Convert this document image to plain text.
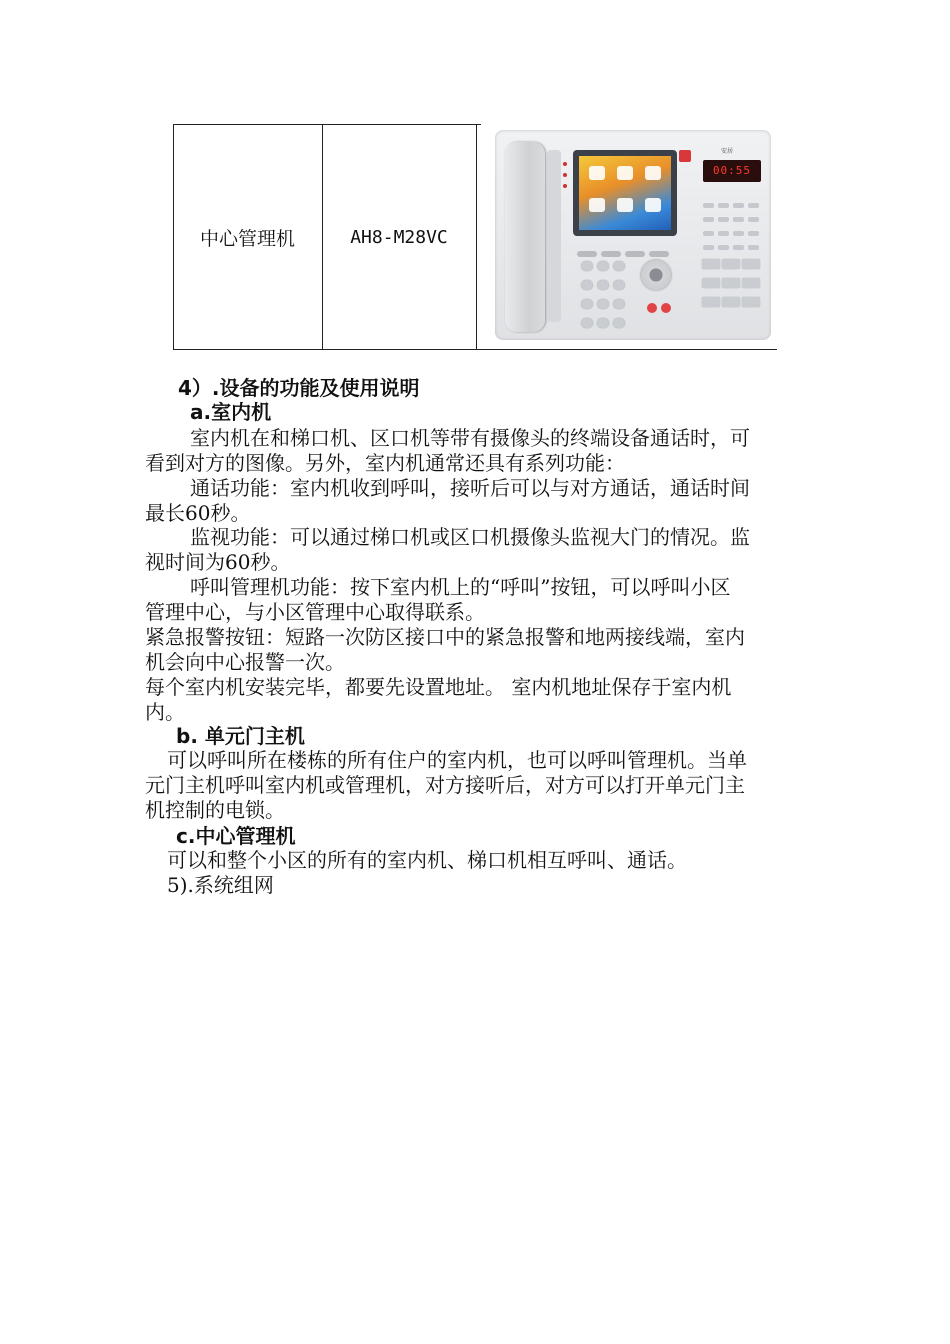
中心管理机	AH8-M28VC
安居
00:55
4）.设备的功能及使用说明
a.室内机
室内机在和梯口机、区口机等带有摄像头的终端设备通话时，可
看到对方的图像。另外，室内机通常还具有系列功能：
通话功能：室内机收到呼叫，接听后可以与对方通话，通话时间
最长60秒。
监视功能：可以通过梯口机或区口机摄像头监视大门的情况。监
视时间为60秒。
呼叫管理机功能：按下室内机上的“呼叫”按钮，可以呼叫小区
管理中心，与小区管理中心取得联系。
紧急报警按钮：短路一次防区接口中的紧急报警和地两接线端，室内
机会向中心报警一次。
每个室内机安装完毕，都要先设置地址。 室内机地址保存于室内机
内。
b. 单元门主机
可以呼叫所在楼栋的所有住户的室内机，也可以呼叫管理机。当单
元门主机呼叫室内机或管理机，对方接听后，对方可以打开单元门主
机控制的电锁。
c.中心管理机
可以和整个小区的所有的室内机、梯口机相互呼叫、通话。
5).系统组网
